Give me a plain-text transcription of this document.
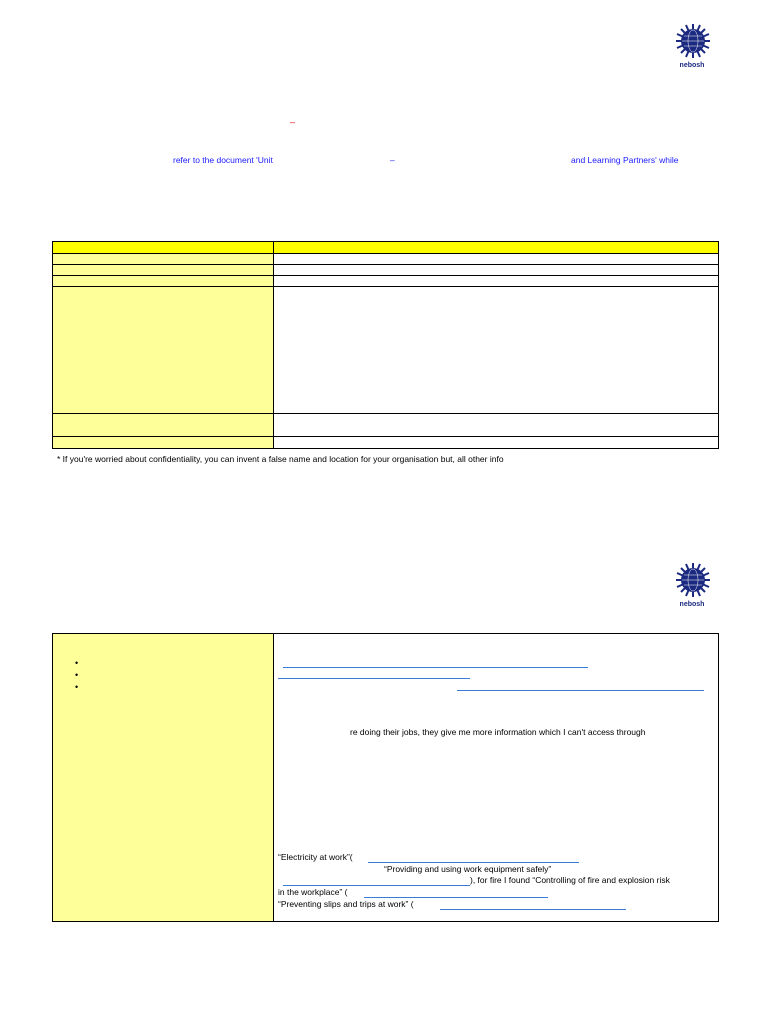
nebosh
–
refer to the document 'Unit	–	and Learning Partners' while

* If you're worried about confidentiality, you can invent a false name and location for your organisation but, all other info
nebosh

•
•
•
re doing their jobs, they give me more information which I can't access through
“Electricity at work”(
“Providing and using work equipment safely”
), for fire I found “Controlling of fire and explosion risk
in the workplace” (
“Preventing slips and trips at work” (
